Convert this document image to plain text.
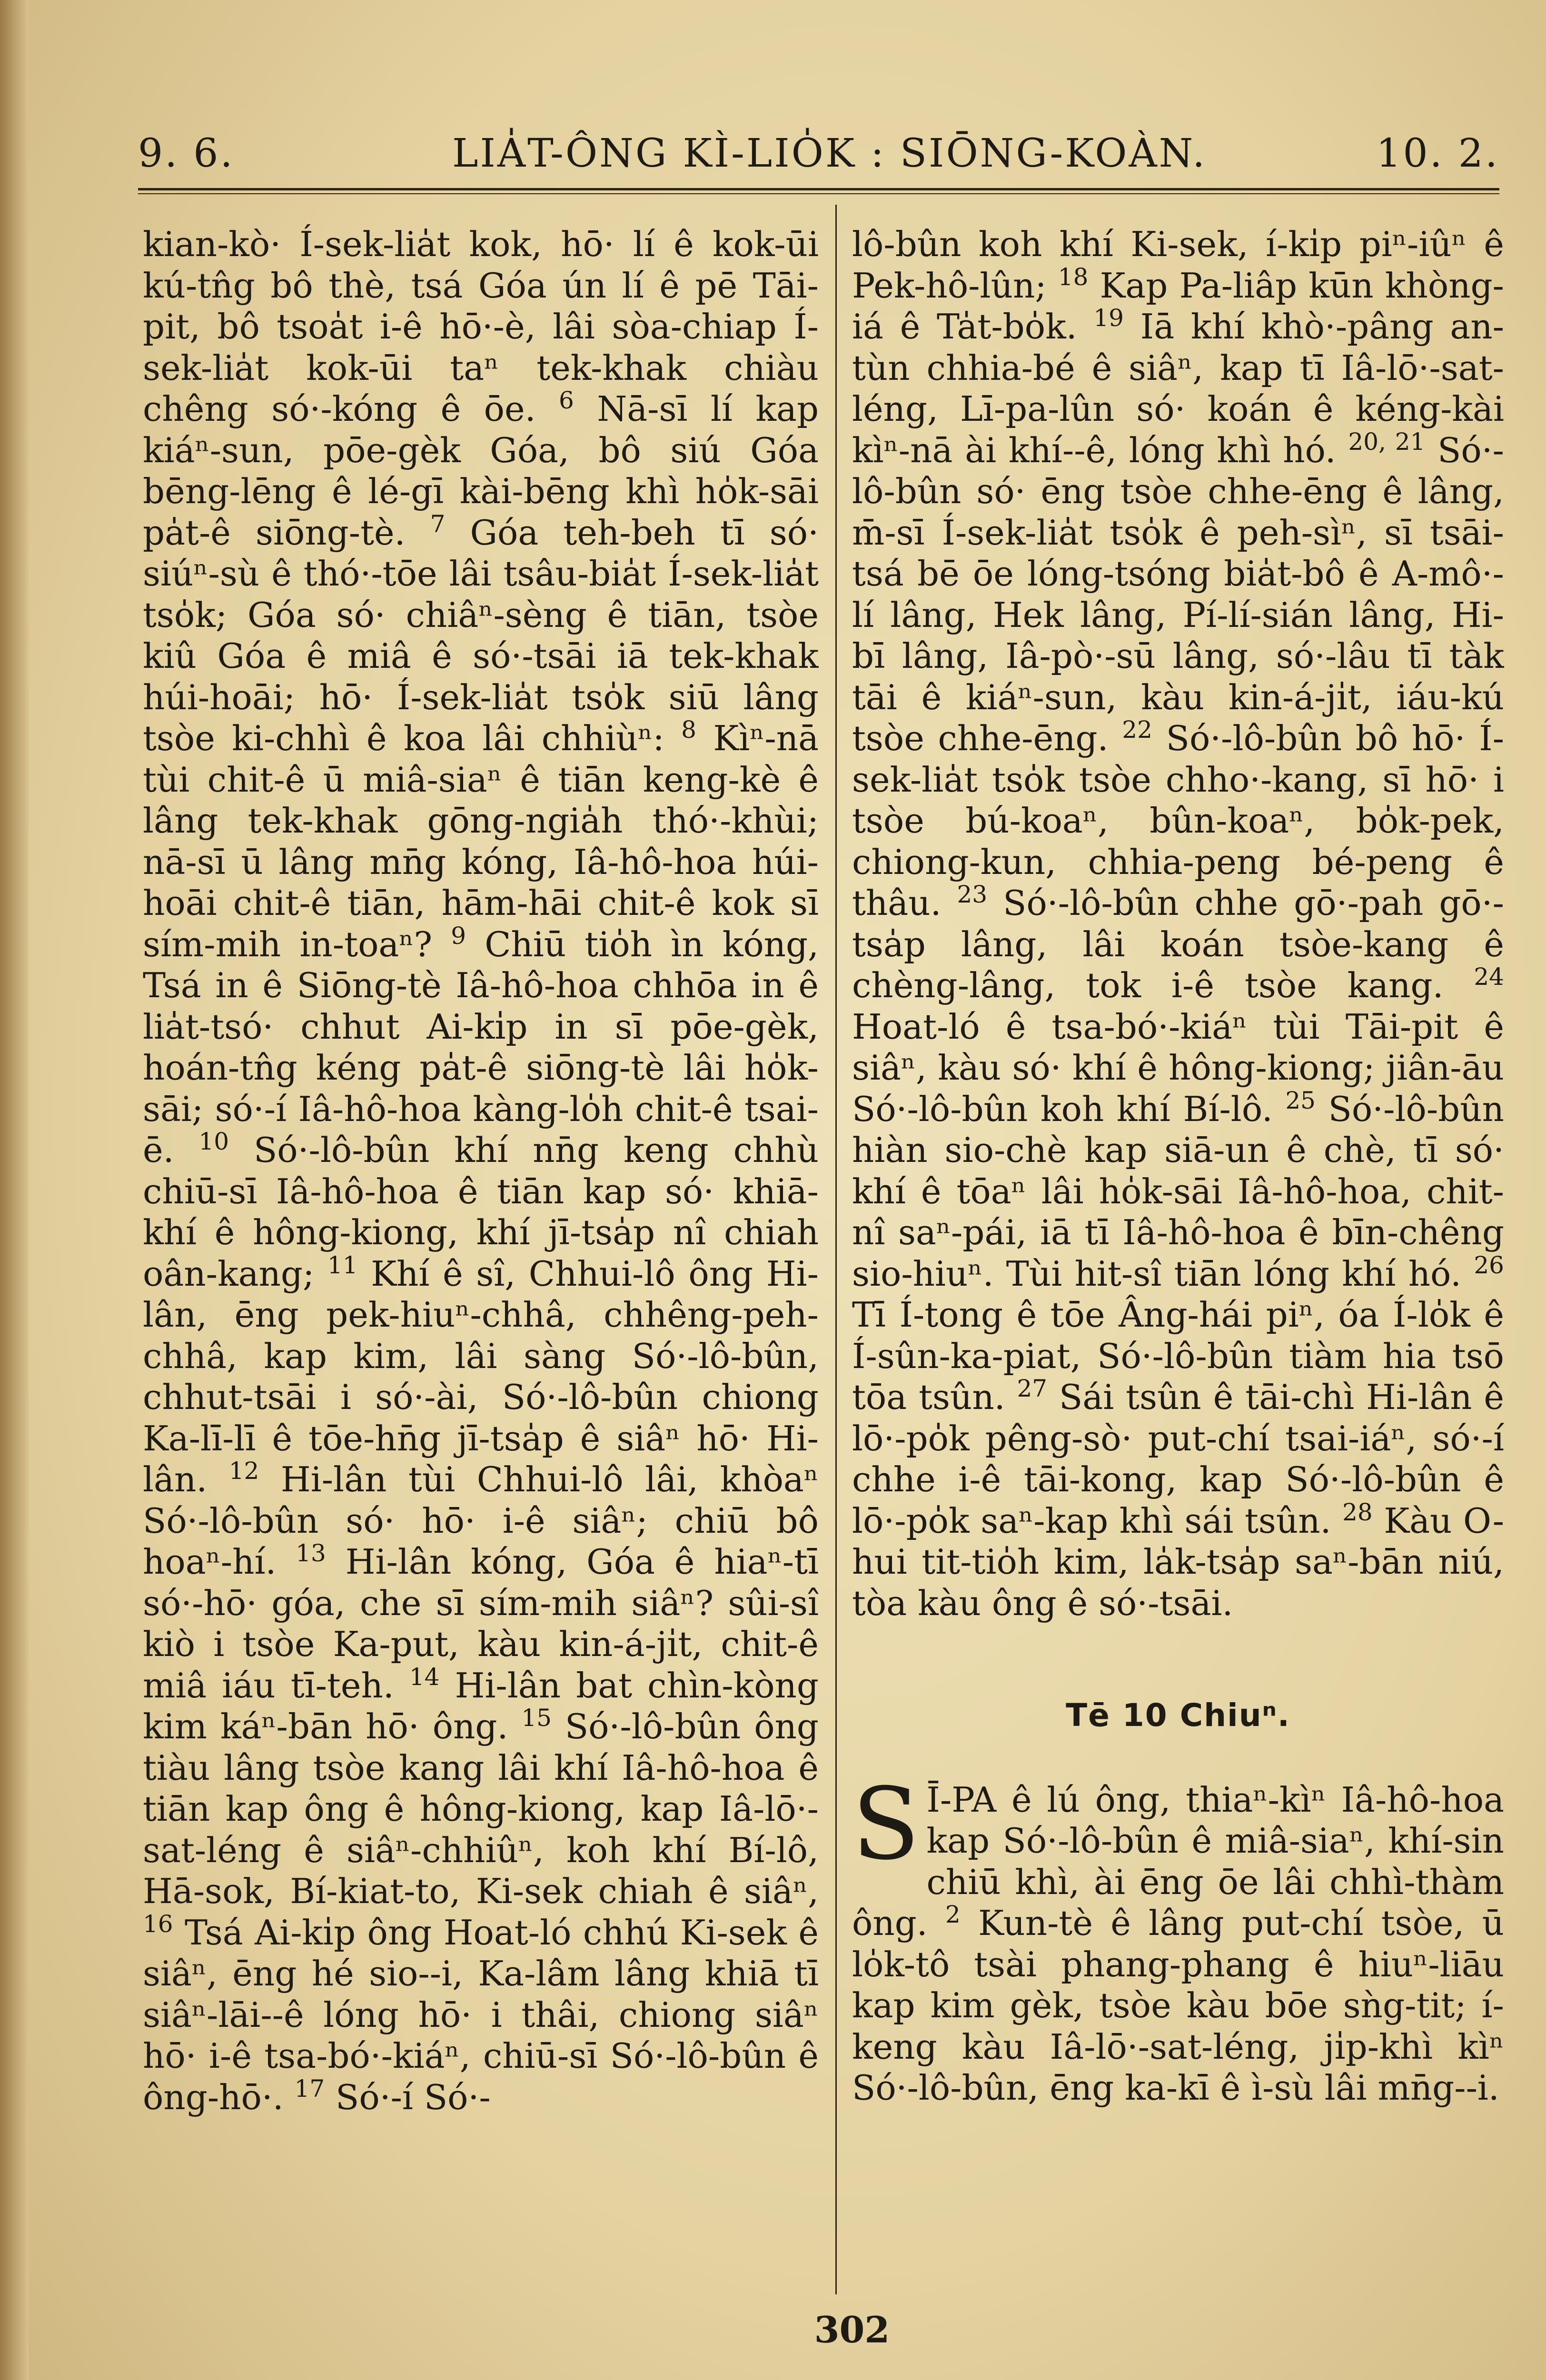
9. 6.	LIA̍T-ÔNG KÌ-LIO̍K : SIŌNG-KOÀN.	10. 2.

kian-kò· Í-sek-lia̍t kok, hō· lí ê kok-ūi kú-tn̂g bô thè, tsá Góa ún lí ê pē Tāi-pit, bô tsoa̍t i-ê hō·-è, lâi sòa-chiap Í-sek-lia̍t kok-ūi taⁿ tek-khak chiàu chêng só·-kóng ê ōe. $^6$ Nā-sī lí kap kiáⁿ-sun, pōe-gèk Góa, bô siú Góa bēng-lēng ê lé-gī kài-bēng khì ho̍k-sāi pa̍t-ê siōng-tè. $^7$ Góa teh-beh tī só· siúⁿ-sù ê thó·-tōe lâi tsâu-bia̍t Í-sek-lia̍t tso̍k; Góa só· chiâⁿ-sèng ê tiān, tsòe kiû Góa ê miâ ê só·-tsāi iā tek-khak húi-hoāi; hō· Í-sek-lia̍t tso̍k siū lâng tsòe ki-chhì ê koa lâi chhiùⁿ: $^8$ Kìⁿ-nā tùi chit-ê ū miâ-siaⁿ ê tiān keng-kè ê lâng tek-khak gōng-ngia̍h thó·-khùi; nā-sī ū lâng mn̄g kóng, Iâ-hô-hoa húi-hoāi chit-ê tiān, hām-hāi chit-ê kok sī sím-mih in-toaⁿ? $^9$ Chiū tio̍h ìn kóng, Tsá in ê Siōng-tè Iâ-hô-hoa chhōa in ê lia̍t-tsó· chhut Ai-ki̍p in sī pōe-gèk, hoán-tn̂g kéng pa̍t-ê siōng-tè lâi ho̍k-sāi; só·-í Iâ-hô-hoa kàng-lo̍h chit-ê tsai-ē. $^{10}$ Só·-lô-bûn khí nn̄g keng chhù chiū-sī Iâ-hô-hoa ê tiān kap só· khiā-khí ê hông-kiong, khí jī-tsa̍p nî chiah oân-kang; $^{11}$ Khí ê sî, Chhui-lô ông Hi-lân, ēng pek-hiuⁿ-chhâ, chhêng-peh-chhâ, kap kim, lâi sàng Só·-lô-bûn, chhut-tsāi i só·-ài, Só·-lô-bûn chiong Ka-lī-lī ê tōe-hn̄g jī-tsa̍p ê siâⁿ hō· Hi-lân. $^{12}$ Hi-lân tùi Chhui-lô lâi, khòaⁿ Só·-lô-bûn só· hō· i-ê siâⁿ; chiū bô hoaⁿ-hí. $^{13}$ Hi-lân kóng, Góa ê hiaⁿ-tī só·-hō· góa, che sī sím-mih siâⁿ? sûi-sî kiò i tsòe Ka-put, kàu kin-á-ji̍t, chit-ê miâ iáu tī-teh. $^{14}$ Hi-lân bat chìn-kòng kim káⁿ-bān hō· ông. $^{15}$ Só·-lô-bûn ông tiàu lâng tsòe kang lâi khí Iâ-hô-hoa ê tiān kap ông ê hông-kiong, kap Iâ-lō·-sat-léng ê siâⁿ-chhiûⁿ, koh khí Bí-lô, Hā-sok, Bí-kiat-to, Ki-sek chiah ê siâⁿ, $^{16}$ Tsá Ai-ki̍p ông Hoat-ló chhú Ki-sek ê siâⁿ, ēng hé sio--i, Ka-lâm lâng khiā tī siâⁿ-lāi--ê lóng hō· i thâi, chiong siâⁿ hō· i-ê tsa-bó·-kiáⁿ, chiū-sī Só·-lô-bûn ê ông-hō·. $^{17}$ Só·-í Só·-

lô-bûn koh khí Ki-sek, í-ki̍p piⁿ-iûⁿ ê Pek-hô-lûn; $^{18}$ Kap Pa-liâp kūn khòng-iá ê Ta̍t-bo̍k. $^{19}$ Iā khí khò·-pâng an-tùn chhia-bé ê siâⁿ, kap tī Iâ-lō·-sat-léng, Lī-pa-lûn só· koán ê kéng-kài kìⁿ-nā ài khí--ê, lóng khì hó. $^{20, 21}$ Só·-lô-bûn só· ēng tsòe chhe-ēng ê lâng, m̄-sī Í-sek-lia̍t tso̍k ê peh-sìⁿ, sī tsāi-tsá bē ōe lóng-tsóng bia̍t-bô ê A-mô·-lí lâng, Hek lâng, Pí-lí-sián lâng, Hi-bī lâng, Iâ-pò·-sū lâng, só·-lâu tī tàk tāi ê kiáⁿ-sun, kàu kin-á-ji̍t, iáu-kú tsòe chhe-ēng. $^{22}$ Só·-lô-bûn bô hō· Í-sek-lia̍t tso̍k tsòe chho·-kang, sī hō· i tsòe bú-koaⁿ, bûn-koaⁿ, bo̍k-pek, chiong-kun, chhia-peng bé-peng ê thâu. $^{23}$ Só·-lô-bûn chhe gō·-pah gō·-tsa̍p lâng, lâi koán tsòe-kang ê chèng-lâng, tok i-ê tsòe kang. $^{24}$ Hoat-ló ê tsa-bó·-kiáⁿ tùi Tāi-pit ê siâⁿ, kàu só· khí ê hông-kiong; jiân-āu Só·-lô-bûn koh khí Bí-lô. $^{25}$ Só·-lô-bûn hiàn sio-chè kap siā-un ê chè, tī só· khí ê tōaⁿ lâi ho̍k-sāi Iâ-hô-hoa, chit-nî saⁿ-pái, iā tī Iâ-hô-hoa ê bīn-chêng sio-hiuⁿ. Tùi hit-sî tiān lóng khí hó. $^{26}$ Tī Í-tong ê tōe Âng-hái piⁿ, óa Í-lo̍k ê Í-sûn-ka-piat, Só·-lô-bûn tiàm hia tsō tōa tsûn. $^{27}$ Sái tsûn ê tāi-chì Hi-lân ê lō·-po̍k pêng-sò· put-chí tsai-iáⁿ, só·-í chhe i-ê tāi-kong, kap Só·-lô-bûn ê lō·-po̍k saⁿ-kap khì sái tsûn. $^{28}$ Kàu O-hui tit-tio̍h kim, la̍k-tsa̍p saⁿ-bān niú, tòa kàu ông ê só·-tsāi.

Tē 10 Chiuⁿ.

S Ī-PA ê lú ông, thiaⁿ-kìⁿ Iâ-hô-hoa kap Só·-lô-bûn ê miâ-siaⁿ, khí-sin chiū khì, ài ēng ōe lâi chhì-thàm ông. $^2$ Kun-tè ê lâng put-chí tsòe, ū lo̍k-tô tsài phang-phang ê hiuⁿ-liāu kap kim gèk, tsòe kàu bōe sǹg-tit; í-keng kàu Iâ-lō·-sat-léng, ji̍p-khì kìⁿ Só·-lô-bûn, ēng ka-kī ê ì-sù lâi mn̄g--i.

302
